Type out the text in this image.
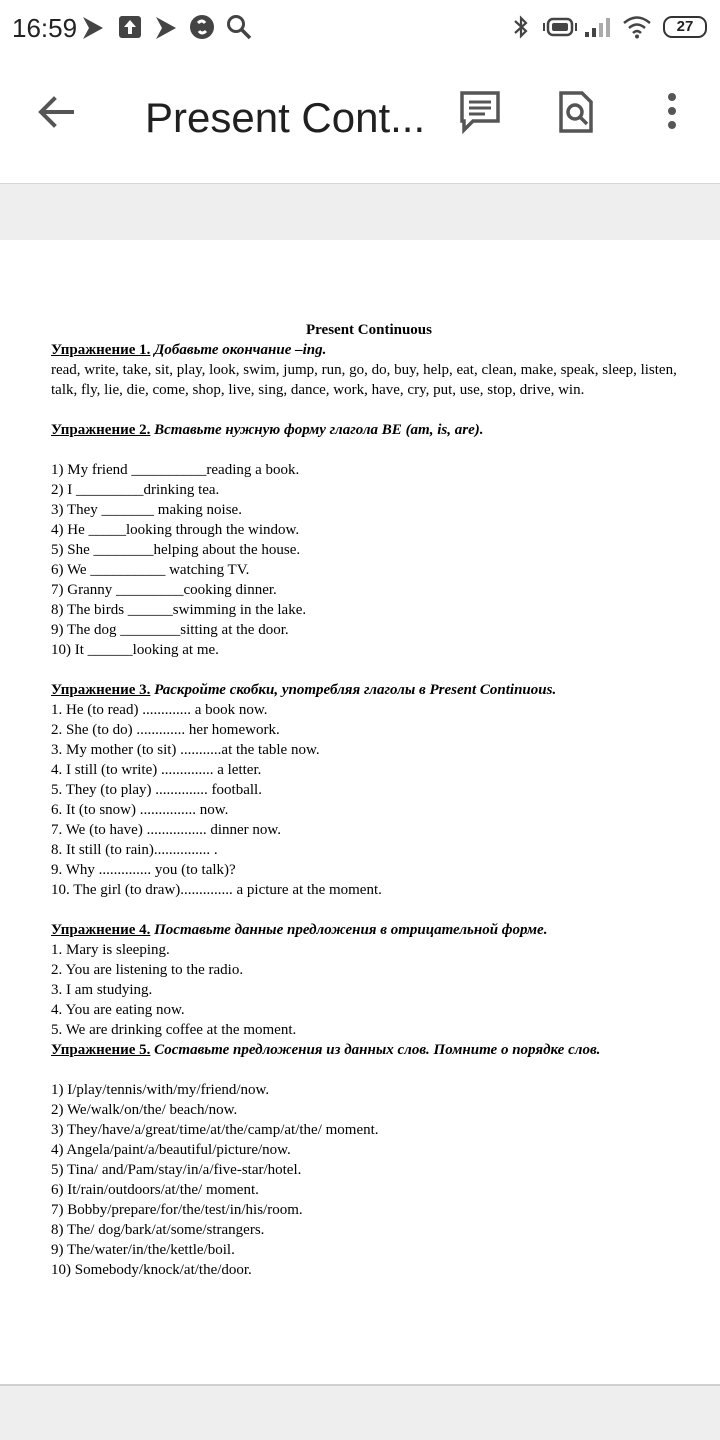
16:59	27
Present Cont...
Present Continuous
Упражнение 1. Добавьте окончание –ing.
read, write, take, sit, play, look, swim, jump, run, go, do, buy, help, eat, clean, make, speak, sleep, listen, talk, fly, lie, die, come, shop, live, sing, dance, work, have, cry, put, use, stop, drive, win.
Упражнение 2. Вставьте нужную форму глагола BE (am, is, are).
1) My friend __________reading a book.
2) I _________drinking tea.
3) They _______ making noise.
4) He _____looking through the window.
5) She ________helping about the house.
6) We __________ watching TV.
7) Granny _________cooking dinner.
8) The birds ______swimming in the lake.
9) The dog ________sitting at the door.
10) It ______looking at me.
Упражнение 3. Раскройте скобки, употребляя глаголы в Present Continuous.
1. He (to read) ............. a book now.
2. She (to do) ............. her homework.
3. My mother (to sit) ...........at the table now.
4. I still (to write) .............. a letter.
5. They (to play) .............. football.
6. It (to snow) ............... now.
7. We (to have) ................ dinner now.
8. It still (to rain)............... .
9. Why .............. you (to talk)?
10. The girl (to draw).............. a picture at the moment.
Упражнение 4. Поставьте данные предложения в отрицательной форме.
1. Mary is sleeping.
2. You are listening to the radio.
3. I am studying.
4. You are eating now.
5. We are drinking coffee at the moment.
Упражнение 5. Составьте предложения из данных слов. Помните о порядке слов.
1) I/play/tennis/with/my/friend/now.
2) We/walk/on/the/ beach/now.
3) They/have/a/great/time/at/the/camp/at/the/ moment.
4) Angela/paint/a/beautiful/picture/now.
5) Tina/ and/Pam/stay/in/a/five-star/hotel.
6) It/rain/outdoors/at/the/ moment.
7) Bobby/prepare/for/the/test/in/his/room.
8) The/ dog/bark/at/some/strangers.
9) The/water/in/the/kettle/boil.
10) Somebody/knock/at/the/door.
